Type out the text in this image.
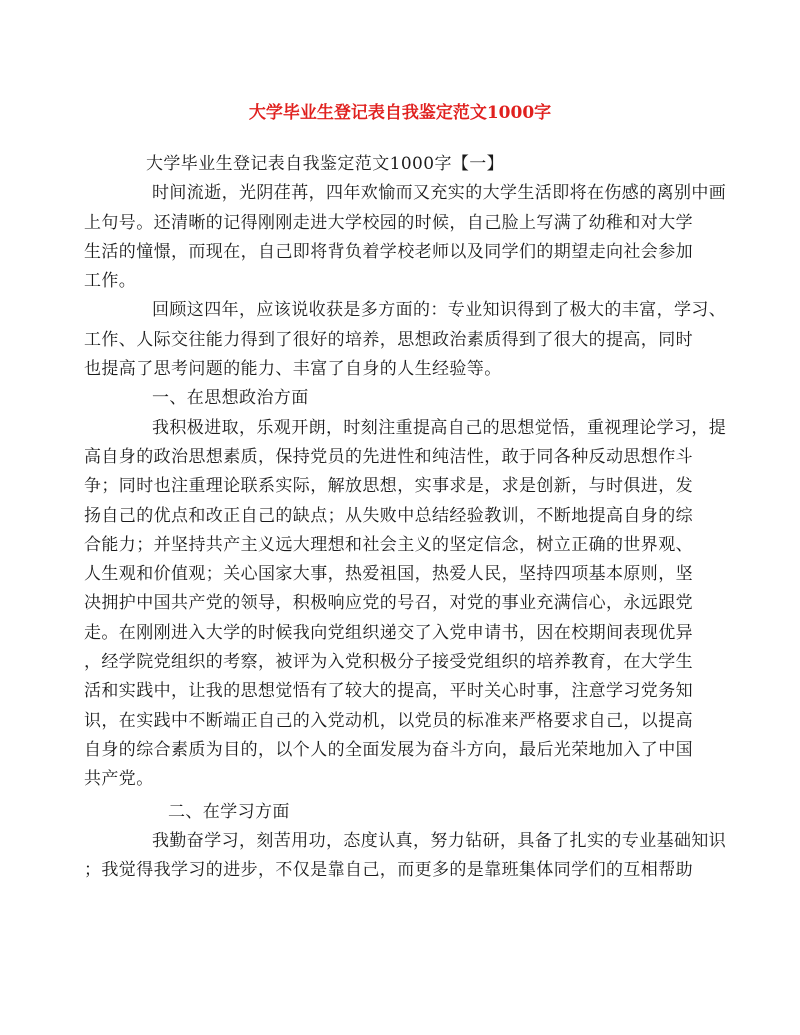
大学毕业生登记表自我鉴定范文1000字

大学毕业生登记表自我鉴定范文1000字【一】

时间流逝，光阴荏苒，四年欢愉而又充实的大学生活即将在伤感的离别中画
上句号。还清晰的记得刚刚走进大学校园的时候，自己脸上写满了幼稚和对大学
生活的憧憬，而现在，自己即将背负着学校老师以及同学们的期望走向社会参加
工作。

回顾这四年，应该说收获是多方面的：专业知识得到了极大的丰富，学习、
工作、人际交往能力得到了很好的培养，思想政治素质得到了很大的提高，同时
也提高了思考问题的能力、丰富了自身的人生经验等。

一、在思想政治方面

我积极进取，乐观开朗，时刻注重提高自己的思想觉悟，重视理论学习，提
高自身的政治思想素质，保持党员的先进性和纯洁性，敢于同各种反动思想作斗
争；同时也注重理论联系实际，解放思想，实事求是，求是创新，与时俱进，发
扬自己的优点和改正自己的缺点；从失败中总结经验教训，不断地提高自身的综
合能力；并坚持共产主义远大理想和社会主义的坚定信念，树立正确的世界观、
人生观和价值观；关心国家大事，热爱祖国，热爱人民，坚持四项基本原则，坚
决拥护中国共产党的领导，积极响应党的号召，对党的事业充满信心，永远跟党
走。在刚刚进入大学的时候我向党组织递交了入党申请书，因在校期间表现优异
，经学院党组织的考察，被评为入党积极分子接受党组织的培养教育，在大学生
活和实践中，让我的思想觉悟有了较大的提高，平时关心时事，注意学习党务知
识，在实践中不断端正自己的入党动机，以党员的标准来严格要求自己，以提高
自身的综合素质为目的，以个人的全面发展为奋斗方向，最后光荣地加入了中国
共产党。

二、在学习方面

我勤奋学习，刻苦用功，态度认真，努力钻研，具备了扎实的专业基础知识
；我觉得我学习的进步，不仅是靠自己，而更多的是靠班集体同学们的互相帮助
